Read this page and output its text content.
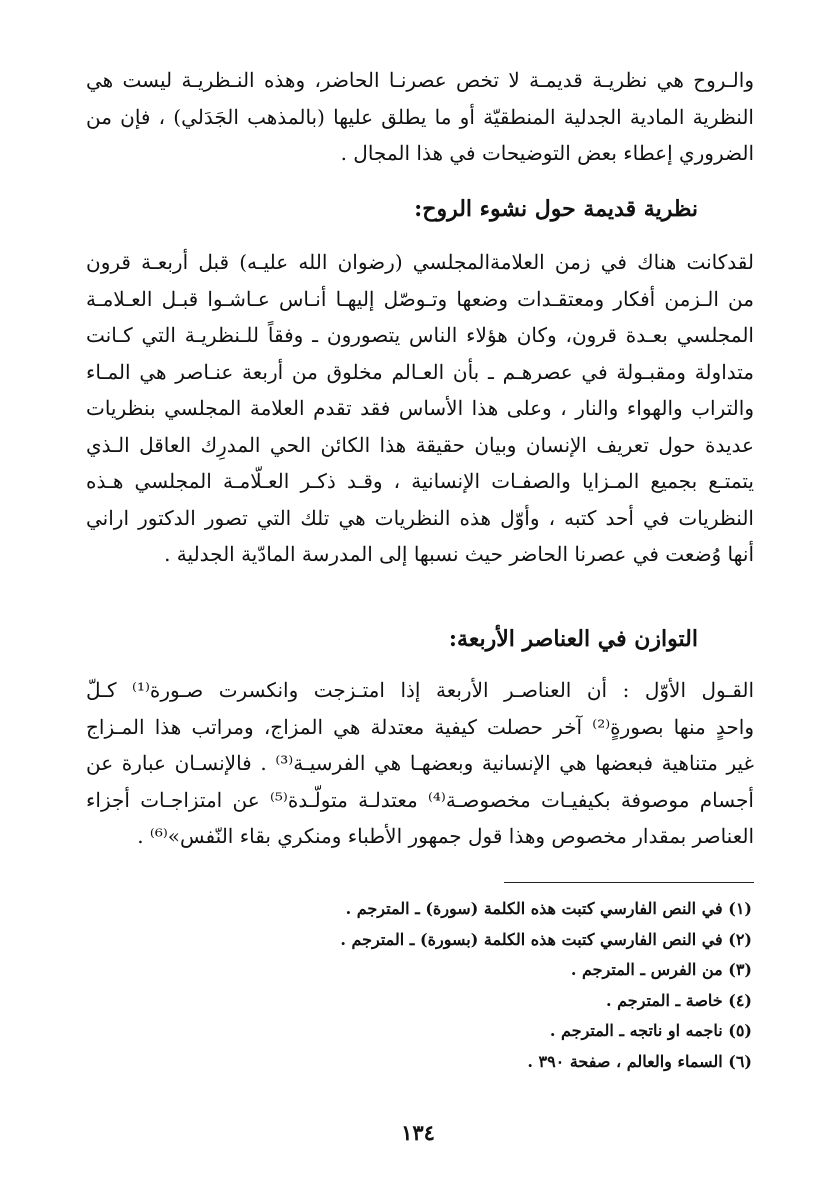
والـروح هي نظريـة قديمـة لا تخص عصرنـا الحاضر، وهذه النـظريـة ليست هي
النظرية المادية الجدلية المنطقيّة أو ما يطلق عليها (بالمذهب الجَدَلي) ، فإن من
الضروري إعطاء بعض التوضيحات في هذا المجال .

نظرية قديمة حول نشوء الروح:

لقدكانت هناك في زمن العلامةالمجلسي (رضوان الله عليـه) قبل أربعـة قرون
من الـزمن أفكار ومعتقـدات وضعها وتـوصّل إليهـا أنـاس عـاشـوا قبـل العـلامـة
المجلسي بعـدة قرون، وكان هؤلاء الناس يتصورون ـ وفقاً للـنظريـة التي كـانت
متداولة ومقبـولة في عصرهـم ـ بأن العـالم مخلوق من أربعة عنـاصر هي المـاء
والتراب والهواء والنار ، وعلى هذا الأساس فقد تقدم العلامة المجلسي بنظريات
عديدة حول تعريف الإنسان وبيان حقيقة هذا الكائن الحي المدرِك العاقل الـذي
يتمتـع بجميع المـزايا والصفـات الإنسانية ، وقـد ذكـر العـلّامـة المجلسي هـذه
النظريات في أحد كتبه ، وأوّل هذه النظريات هي تلك التي تصور الدكتور اراني
أنها وُضعت في عصرنا الحاضر حيث نسبها إلى المدرسة المادّية الجدلية .

التوازن في العناصر الأربعة:

القـول الأوّل : أن العناصـر الأربعة إذا امتـزجت وانكسرت صـورة⁽¹⁾ كـلّ
واحدٍ منها بصورةٍ⁽²⁾ آخر حصلت كيفية معتدلة هي المزاج، ومراتب هذا المـزاج
غير متناهية فبعضها هي الإنسانية وبعضهـا هي الفرسيـة⁽³⁾ . فالإنسـان عبارة عن
أجسام موصوفة بكيفيـات مخصوصـة⁽⁴⁾ معتدلـة متولّـدة⁽⁵⁾ عن امتزاجـات أجزاء
العناصر بمقدار مخصوص وهذا قول جمهور الأطباء ومنكري بقاء النّفس»⁽⁶⁾ .

(١) في النص الفارسي كتبت هذه الكلمة (سورة) ـ المترجم .
(٢) في النص الفارسي كتبت هذه الكلمة (بسورة) ـ المترجم .
(٣) من الفرس ـ المترجم .
(٤) خاصة ـ المترجم .
(٥) ناجمه او ناتجه ـ المترجم .
(٦) السماء والعالم ، صفحة ٣٩٠ .
١٣٤
